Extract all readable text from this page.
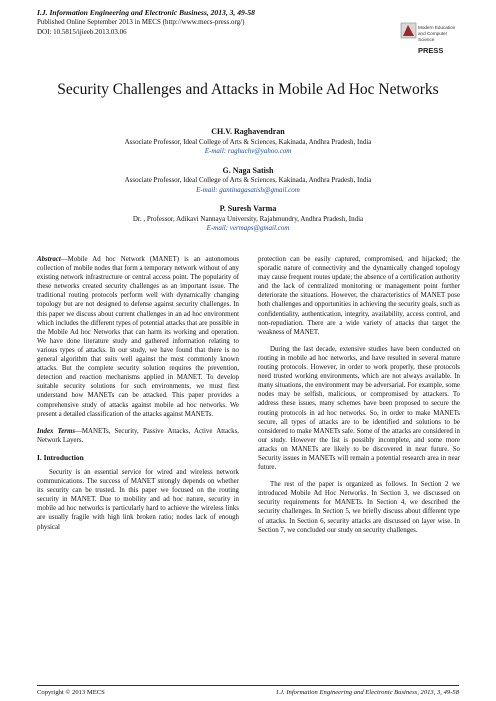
I.J. Information Engineering and Electronic Business, 2013, 3, 49-58
Published Online September 2013 in MECS (http://www.mecs-press.org/)
DOI: 10.5815/ijieeb.2013.03.06	Modern Education
and Computer
Science
PRESS
Security Challenges and Attacks in Mobile Ad Hoc Networks
CH.V. Raghavendran
Associate Professor, Ideal College of Arts & Sciences, Kakinada, Andhra Pradesh, India
E-mail: raghuchv@yahoo.com
G. Naga Satish
Associate Professor, Ideal College of Arts & Sciences, Kakinada, Andhra Pradesh, India
E-mail: gantinagasatish@gmail.com
P. Suresh Varma
Dr. , Professor, Adikavi Nannaya University, Rajahmundry, Andhra Pradesh, India
E-mail: vermaps@gmail.com

Abstract—Mobile Ad hoc Network (MANET) is an autonomous collection of mobile nodes that form a temporary network without of any existing network infrastructure or central access point. The popularity of these networks created security challenges as an important issue. The traditional routing protocols perform well with dynamically changing topology but are not designed to defense against security challenges. In this paper we discuss about current challenges in an ad hoc environment which includes the different types of potential attacks that are possible in the Mobile Ad hoc Networks that can harm its working and operation. We have done literature study and gathered information relating to various types of attacks. In our study, we have found that there is no general algorithm that suits well against the most commonly known attacks. But the complete security solution requires the prevention, detection and reaction mechanisms applied in MANET. To develop suitable security solutions for such environments, we must first understand how MANETs can be attacked. This paper provides a comprehensive study of attacks against mobile ad hoc networks. We present a detailed classification of the attacks against MANETs.

Index Terms—MANETs, Security, Passive Attacks, Active Attacks, Network Layers.

I. Introduction

Security is an essential service for wired and wireless network communications. The success of MANET strongly depends on whether its security can be trusted. In this paper we focused on the routing security in MANET. Due to mobility and ad hoc nature, security in mobile ad hoc networks is particularly hard to achieve the wireless links are usually fragile with high link broken ratio; nodes lack of enough physical

protection can be easily captured, compromised, and hijacked; the sporadic nature of connectivity and the dynamically changed topology may cause frequent routes update; the absence of a certification authority and the lack of centralized monitoring or management point further deteriorate the situations. However, the characteristics of MANET pose both challenges and opportunities in achieving the security goals, such as confidentiality, authentication, integrity, availability, access control, and non-repudiation. There are a wide variety of attacks that target the weakness of MANET.

During the last decade, extensive studies have been conducted on routing in mobile ad hoc networks, and have resulted in several mature routing protocols. However, in order to work properly, these protocols need trusted working environments, which are not always available. In many situations, the environment may be adversarial. For example, some nodes may be selfish, malicious, or compromised by attackers. To address these issues, many schemes have been proposed to secure the routing protocols in ad hoc networks. So, in order to make MANETs secure, all types of attacks are to be identified and solutions to be considered to make MANETs safe. Some of the attacks are considered in our study. However the list is possibly incomplete, and some more attacks on MANETs are likely to be discovered in near future. So Security issues in MANETs will remain a potential research area in near future.

The rest of the paper is organized as follows. In Section 2 we introduced Mobile Ad Hoc Networks. In Section 3, we discussed on security requirements for MANETs. In Section 4, we described the security challenges. In Section 5, we briefly discuss about different type of attacks. In Section 6, security attacks are discussed on layer wise. In Section 7, we concluded our study on security challenges.

Copyright © 2013 MECS	I.J. Information Engineering and Electronic Business, 2013, 3, 49-58
